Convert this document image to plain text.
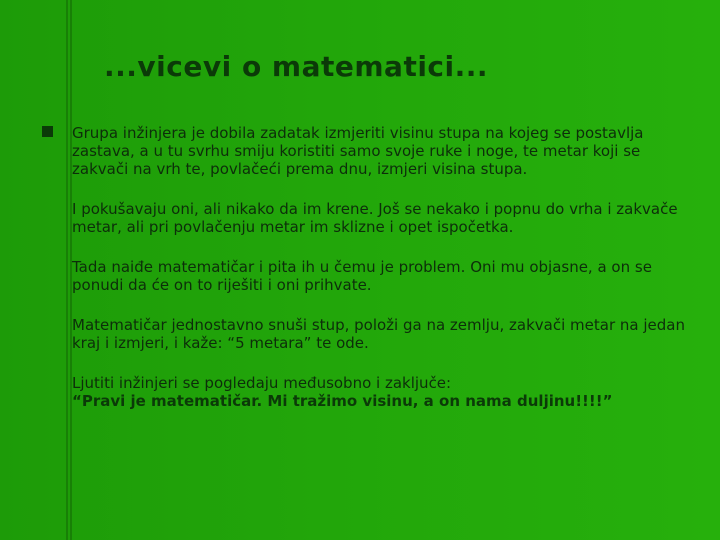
...vicevi o matematici...

Grupa inžinjera je dobila zadatak izmjeriti visinu stupa na kojeg se postavlja zastava, a u tu svrhu smiju koristiti samo svoje ruke i noge, te metar koji se zakvači na vrh te, povlačeći prema dnu, izmjeri visina stupa.

I pokušavaju oni, ali nikako da im krene. Još se nekako i popnu do vrha i zakvače metar, ali pri povlačenju metar im sklizne i opet ispočetka.

Tada naiđe matematičar i pita ih u čemu je problem. Oni mu objasne, a on se ponudi da će on to riješiti i oni prihvate.

Matematičar jednostavno snuši stup, položi ga na zemlju, zakvači metar na jedan kraj i izmjeri, i kaže: “5 metara” te ode.

Ljutiti inžinjeri se pogledaju međusobno i zaključe:
“Pravi je matematičar. Mi tražimo visinu, a on nama duljinu!!!!”
